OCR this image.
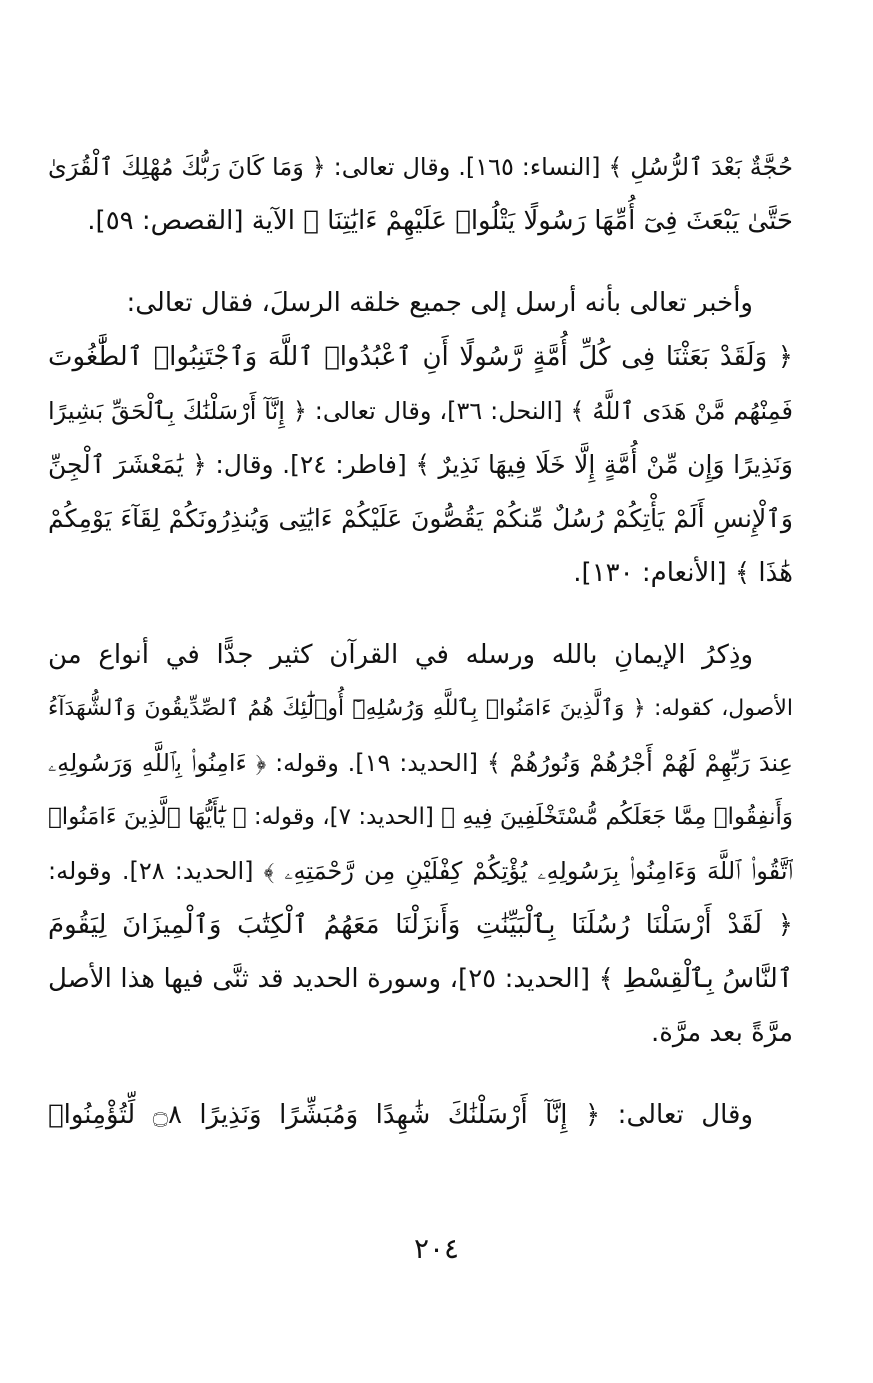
حُجَّةٌ بَعْدَ ٱلرُّسُلِ ﴾ [النساء: ١٦٥]. وقال تعالى: ﴿ وَمَا كَانَ رَبُّكَ مُهْلِكَ ٱلْقُرَىٰ
حَتَّىٰ يَبْعَثَ فِىٓ أُمِّهَا رَسُولًا يَتْلُوا۟ عَلَيْهِمْ ءَايَٰتِنَا ﴾ الآية [القصص: ٥٩].
وأخبر تعالى بأنه أرسل إلى جميع خلقه الرسلَ، فقال تعالى:
﴿ وَلَقَدْ بَعَثْنَا فِى كُلِّ أُمَّةٍ رَّسُولًا أَنِ ٱعْبُدُوا۟ ٱللَّهَ وَٱجْتَنِبُوا۟ ٱلطَّٰغُوتَ
فَمِنْهُم مَّنْ هَدَى ٱللَّهُ ﴾ [النحل: ٣٦]، وقال تعالى: ﴿ إِنَّآ أَرْسَلْنَٰكَ بِٱلْحَقِّ بَشِيرًا
وَنَذِيرًا وَإِن مِّنْ أُمَّةٍ إِلَّا خَلَا فِيهَا نَذِيرٌ ﴾ [فاطر: ٢٤]. وقال: ﴿ يَٰمَعْشَرَ ٱلْجِنِّ
وَٱلْإِنسِ أَلَمْ يَأْتِكُمْ رُسُلٌ مِّنكُمْ يَقُصُّونَ عَلَيْكُمْ ءَايَٰتِى وَيُنذِرُونَكُمْ لِقَآءَ يَوْمِكُمْ
هَٰذَا ﴾ [الأنعام: ١٣٠].
وذِكرُ الإيمانِ بالله ورسله في القرآن كثير جدًّا في أنواع من
الأصول، كقوله: ﴿ وَٱلَّذِينَ ءَامَنُوا۟ بِٱللَّهِ وَرُسُلِهِۦٓ أُو۟لَٰٓئِكَ هُمُ ٱلصِّدِّيقُونَ وَٱلشُّهَدَآءُ
عِندَ رَبِّهِمْ لَهُمْ أَجْرُهُمْ وَنُورُهُمْ ﴾ [الحديد: ١٩]. وقوله: ﴿ ءَامِنُوا۟ بِٱللَّهِ وَرَسُولِهِۦ
وَأَنفِقُوا۟ مِمَّا جَعَلَكُم مُّسْتَخْلَفِينَ فِيهِ ﴾ [الحديد: ٧]، وقوله: ﴿ يَٰٓأَيُّهَا ٱلَّذِينَ ءَامَنُوا۟
ٱتَّقُوا۟ ٱللَّهَ وَءَامِنُوا۟ بِرَسُولِهِۦ يُؤْتِكُمْ كِفْلَيْنِ مِن رَّحْمَتِهِۦ ﴾ [الحديد: ٢٨]. وقوله:
﴿ لَقَدْ أَرْسَلْنَا رُسُلَنَا بِٱلْبَيِّنَٰتِ وَأَنزَلْنَا مَعَهُمُ ٱلْكِتَٰبَ وَٱلْمِيزَانَ لِيَقُومَ
ٱلنَّاسُ بِٱلْقِسْطِ ﴾ [الحديد: ٢٥]، وسورة الحديد قد ثنَّى فيها هذا الأصل
مرَّةً بعد مرَّة.
وقال تعالى: ﴿ إِنَّآ أَرْسَلْنَٰكَ شَٰهِدًا وَمُبَشِّرًا وَنَذِيرًا ۝٨ لِّتُؤْمِنُوا۟
٢٠٤
